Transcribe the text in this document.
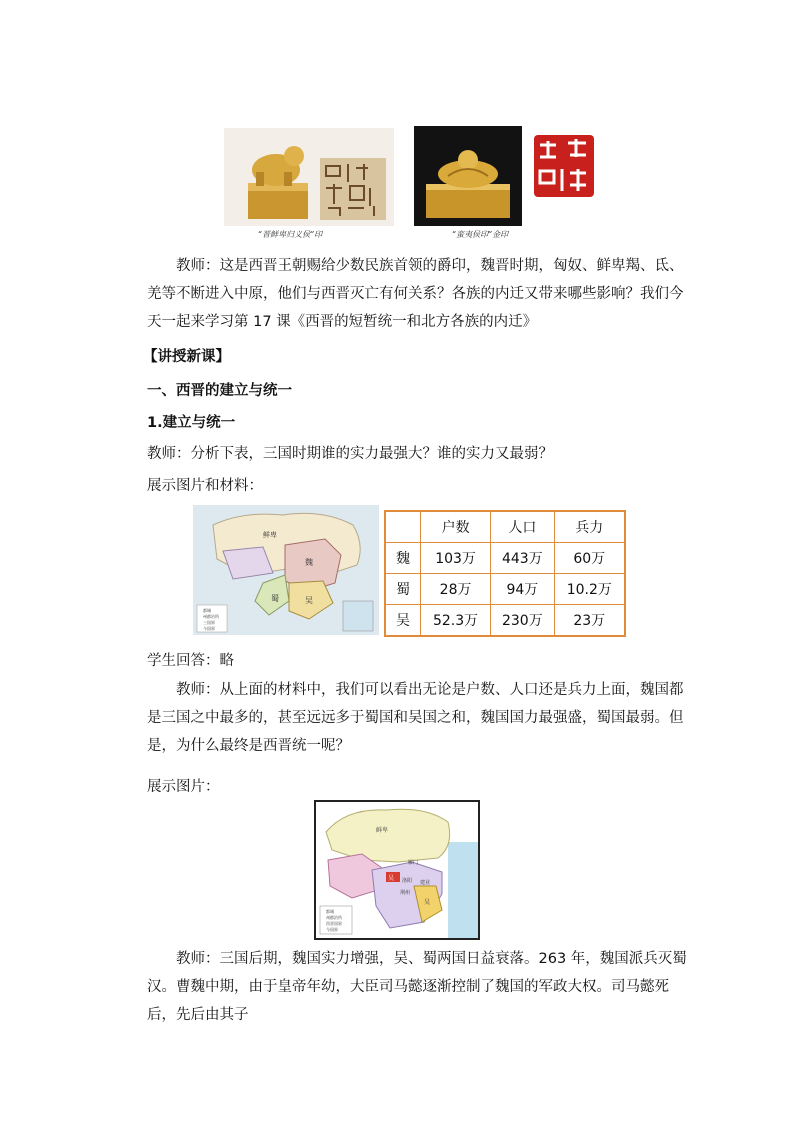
“晋鲜卑归义侯”印	“蛮夷侯印”金印
教师：这是西晋王朝赐给少数民族首领的爵印，魏晋时期，匈奴、鲜卑羯、氐、羌等不断进入中原，他们与西晋灭亡有何关系？各族的内迁又带来哪些影响？我们今天一起来学习第 17 课《西晋的短暂统一和北方各族的内迁》
【讲授新课】
一、西晋的建立与统一
1.建立与统一
教师：分析下表，三国时期谁的实力最强大？谁的实力又最弱？
展示图片和材料：
鲜卑
魏
蜀	吴
都城
州郡治所
三国界
今国界
	户数	人口	兵力
魏	103万	443万	60万
蜀	28万	94万	10.2万
吴	52.3万	230万	23万
学生回答：略
教师：从上面的材料中，我们可以看出无论是户数、人口还是兵力上面，魏国都是三国之中最多的，甚至远远多于蜀国和吴国之和，魏国国力最强盛，蜀国最弱。但是，为什么最终是西晋统一呢？
展示图片：
鲜卑
吴 洛阳 建业
吴
荆州
雁门
都城
州郡治所
西晋国界
今国界
教师：三国后期，魏国实力增强，吴、蜀两国日益衰落。263 年，魏国派兵灭蜀汉。曹魏中期，由于皇帝年幼，大臣司马懿逐渐控制了魏国的军政大权。司马懿死后，先后由其子
